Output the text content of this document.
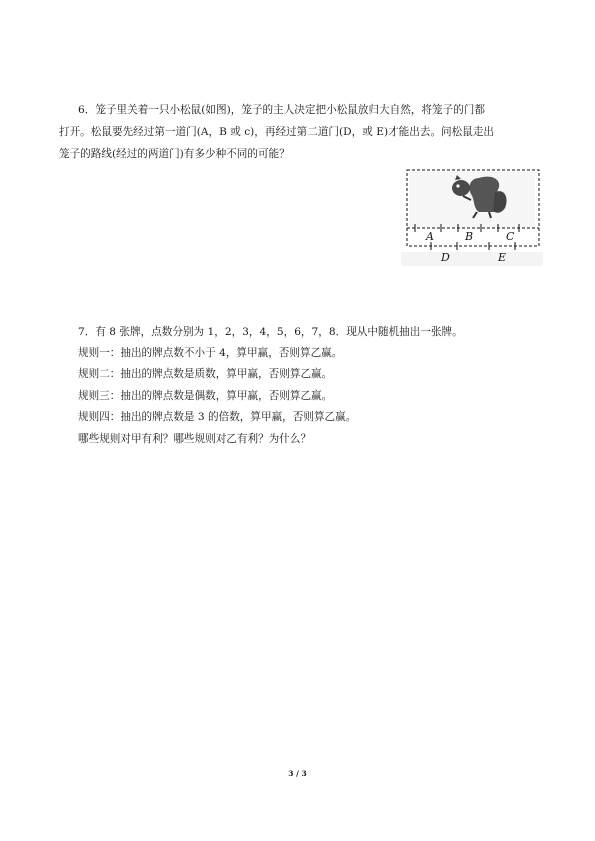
6．笼子里关着一只小松鼠(如图)，笼子的主人决定把小松鼠放归大自然，将笼子的门都
打开。松鼠要先经过第一道门(A，B 或 c)，再经过第二道门(D，或 E)才能出去。问松鼠走出
笼子的路线(经过的两道门)有多少种不同的可能？
A	B	C
D	E
7．有 8 张牌，点数分别为 1，2，3，4，5，6，7，8．现从中随机抽出一张牌。
规则一：抽出的牌点数不小于 4，算甲赢，否则算乙赢。
规则二：抽出的牌点数是质数，算甲赢，否则算乙赢。
规则三：抽出的牌点数是偶数，算甲赢，否则算乙赢。
规则四：抽出的牌点数是 3 的倍数，算甲赢，否则算乙赢。
哪些规则对甲有利？哪些规则对乙有利？为什么？
3 / 3
